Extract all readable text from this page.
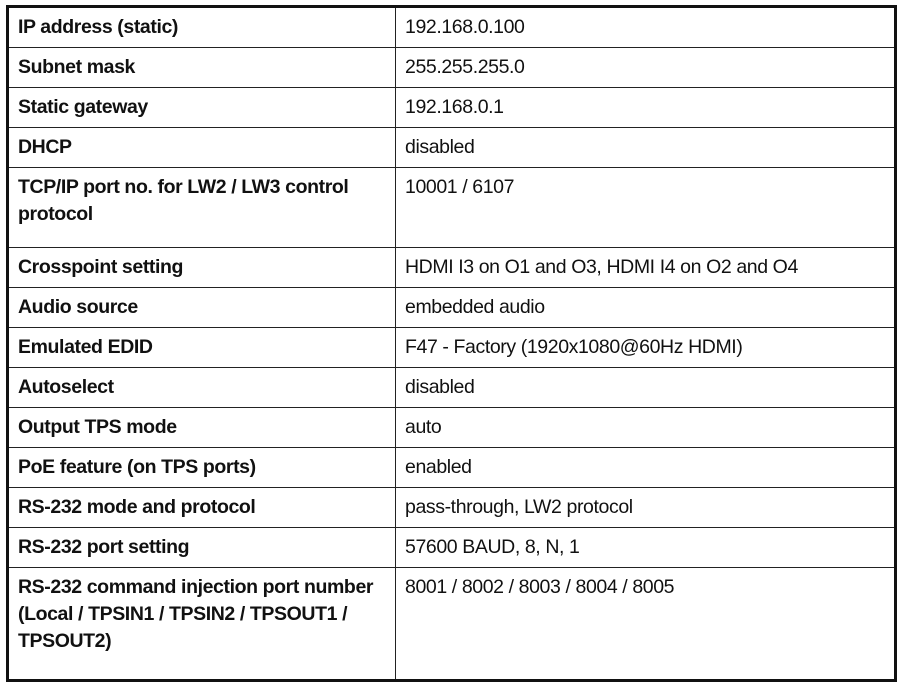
IP address (static)	192.168.0.100
Subnet mask	255.255.255.0
Static gateway	192.168.0.1
DHCP	disabled
TCP/IP port no. for LW2 / LW3 control protocol	10001 / 6107
Crosspoint setting	HDMI I3 on O1 and O3, HDMI I4 on O2 and O4
Audio source	embedded audio
Emulated EDID	F47 - Factory (1920x1080@60Hz HDMI)
Autoselect	disabled
Output TPS mode	auto
PoE feature (on TPS ports)	enabled
RS-232 mode and protocol	pass-through, LW2 protocol
RS-232 port setting	57600 BAUD, 8, N, 1
RS-232 command injection port number (Local / TPSIN1 / TPSIN2 / TPSOUT1 / TPSOUT2)	8001 / 8002 / 8003 / 8004 / 8005
